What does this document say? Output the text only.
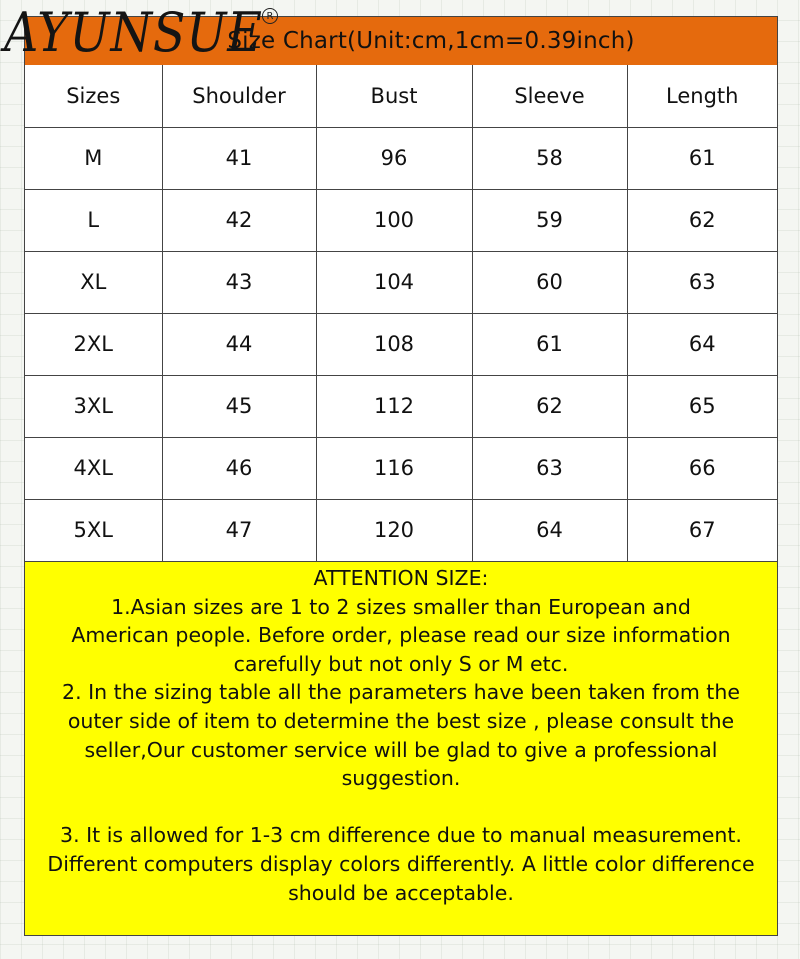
Size Chart(Unit:cm,1cm=0.39inch)
Sizes	Shoulder	Bust	Sleeve	Length
M	41	96	58	61
L	42	100	59	62
XL	43	104	60	63
2XL	44	108	61	64
3XL	45	112	62	65
4XL	46	116	63	66
5XL	47	120	64	67

ATTENTION SIZE:

1.Asian sizes are 1 to 2 sizes smaller than European and American people. Before order, please read our size information carefully but not only S or M etc.

2. In the sizing table all the parameters have been taken from the outer side of item to determine the best size , please consult the seller,Our customer service will be glad to give a professional suggestion.

3. It is allowed for 1-3 cm difference due to manual measurement. Different computers display colors differently. A little color difference should be acceptable.

AYUNSUE R
